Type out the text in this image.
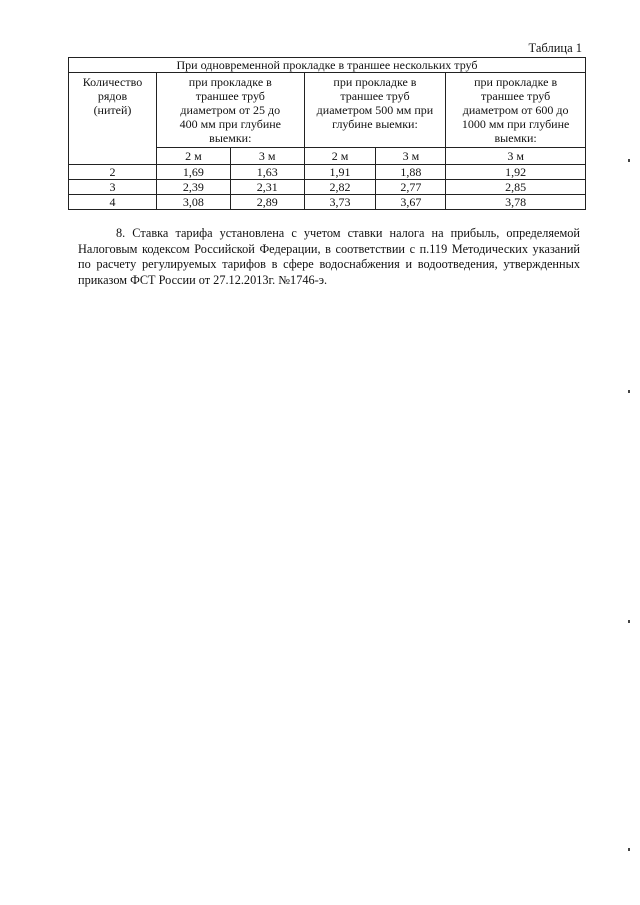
Таблица 1
При одновременной прокладке в траншее нескольких труб					
Количество рядов (нитей)	при прокладке в траншее труб диаметром от 25 до 400 мм при глубине выемки:		при прокладке в траншее труб диаметром 500 мм при глубине выемки:		при прокладке в траншее труб диаметром от 600 до 1000 мм при глубине выемки:
	2 м	3 м	2 м	3 м	3 м
2	1,69	1,63	1,91	1,88	1,92
3	2,39	2,31	2,82	2,77	2,85
4	3,08	2,89	3,73	3,67	3,78

8. Ставка тарифа установлена с учетом ставки налога на прибыль, определяемой Налоговым кодексом Российской Федерации, в соответствии с п.119 Методических указаний по расчету регулируемых тарифов в сфере водоснабжения и водоотведения, утвержденных приказом ФСТ России от 27.12.2013г. №1746-э.
